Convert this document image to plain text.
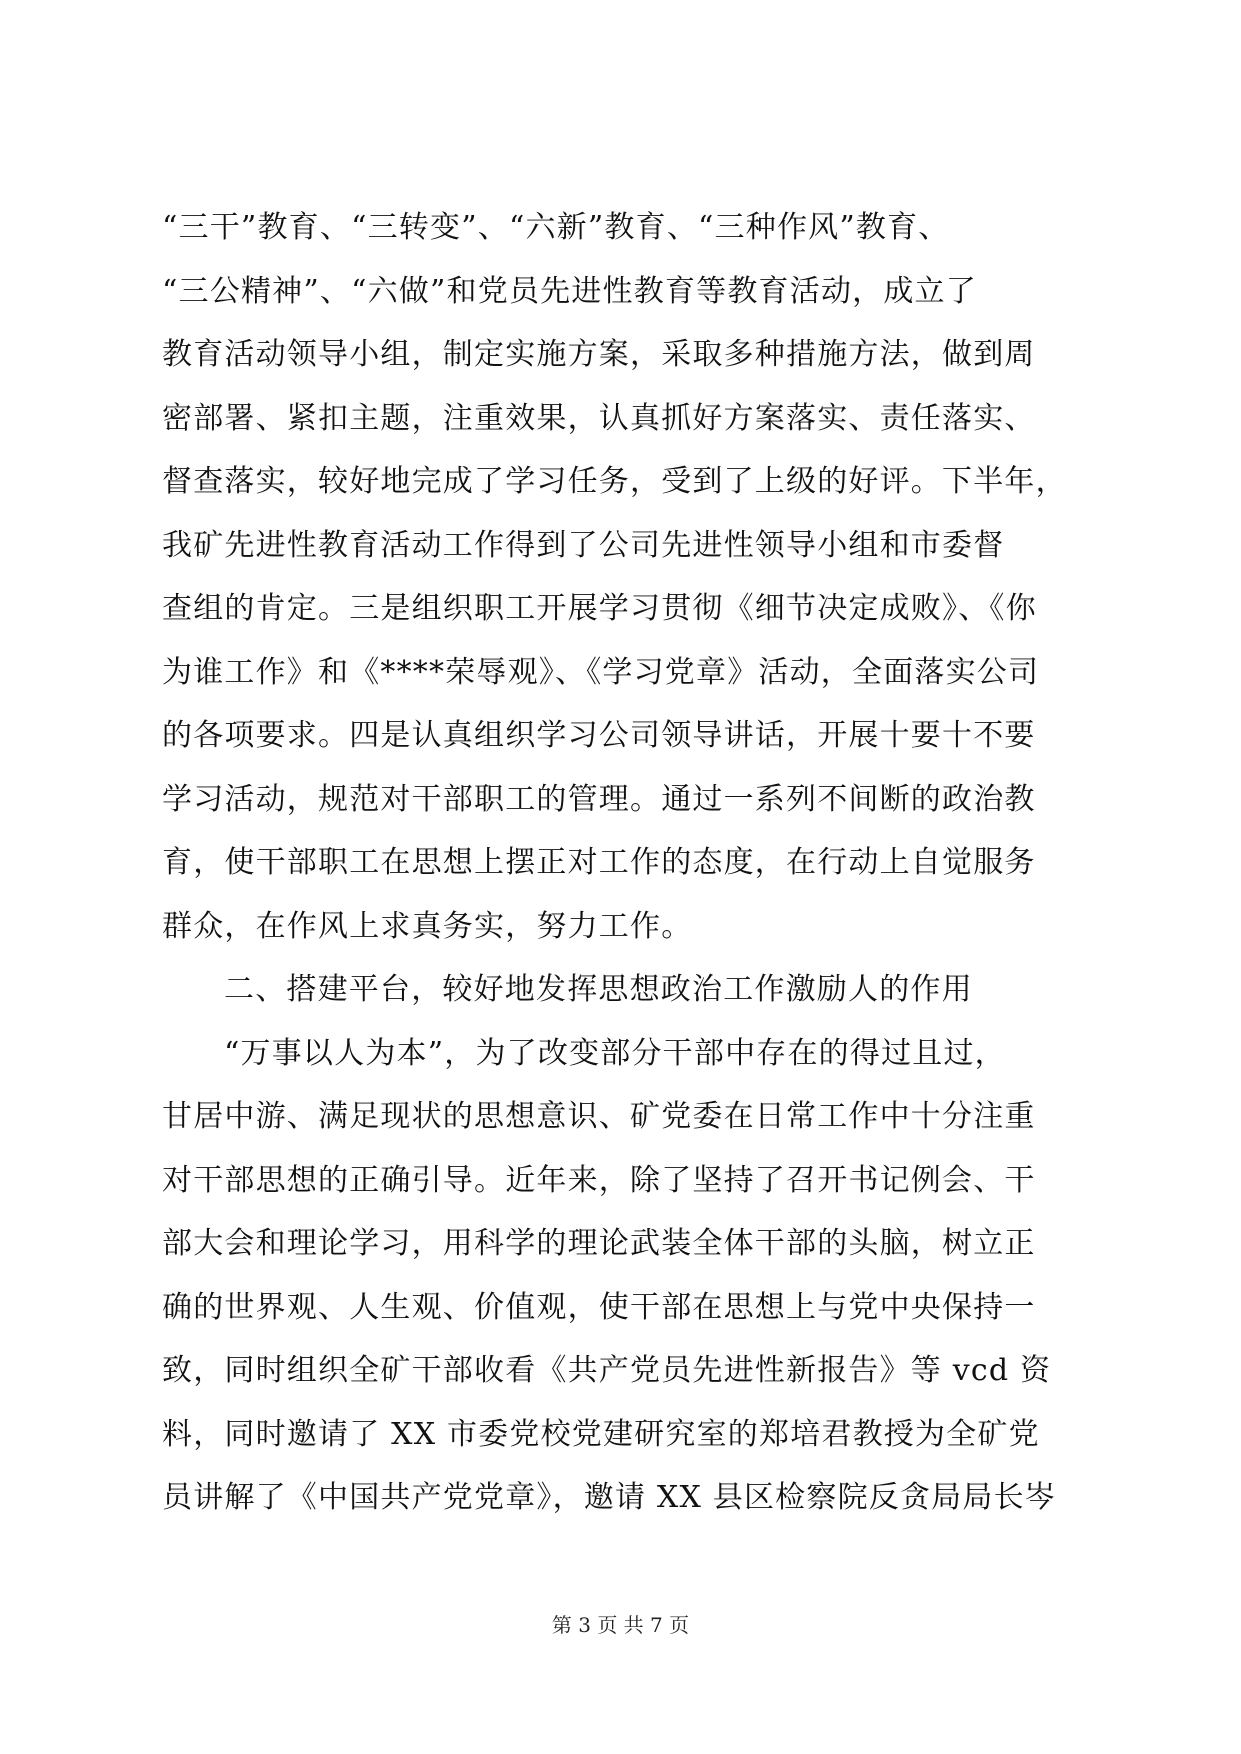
“三干”教育、“三转变”、“六新”教育、“三种作风”教育、
“三公精神”、“六做”和党员先进性教育等教育活动，成立了
教育活动领导小组，制定实施方案，采取多种措施方法，做到周
密部署、紧扣主题，注重效果，认真抓好方案落实、责任落实、
督查落实，较好地完成了学习任务，受到了上级的好评。下半年，
我矿先进性教育活动工作得到了公司先进性领导小组和市委督
查组的肯定。三是组织职工开展学习贯彻《细节决定成败》、《你
为谁工作》和《****荣辱观》、《学习党章》活动，全面落实公司
的各项要求。四是认真组织学习公司领导讲话，开展十要十不要
学习活动，规范对干部职工的管理。通过一系列不间断的政治教
育，使干部职工在思想上摆正对工作的态度，在行动上自觉服务
群众，在作风上求真务实，努力工作。
二、搭建平台，较好地发挥思想政治工作激励人的作用
“万事以人为本”，为了改变部分干部中存在的得过且过，
甘居中游、满足现状的思想意识、矿党委在日常工作中十分注重
对干部思想的正确引导。近年来，除了坚持了召开书记例会、干
部大会和理论学习，用科学的理论武装全体干部的头脑，树立正
确的世界观、人生观、价值观，使干部在思想上与党中央保持一
致，同时组织全矿干部收看《共产党员先进性新报告》等 vcd 资
料，同时邀请了 XX 市委党校党建研究室的郑培君教授为全矿党
员讲解了《中国共产党党章》，邀请 XX 县区检察院反贪局局长岑
第 3 页 共 7 页
